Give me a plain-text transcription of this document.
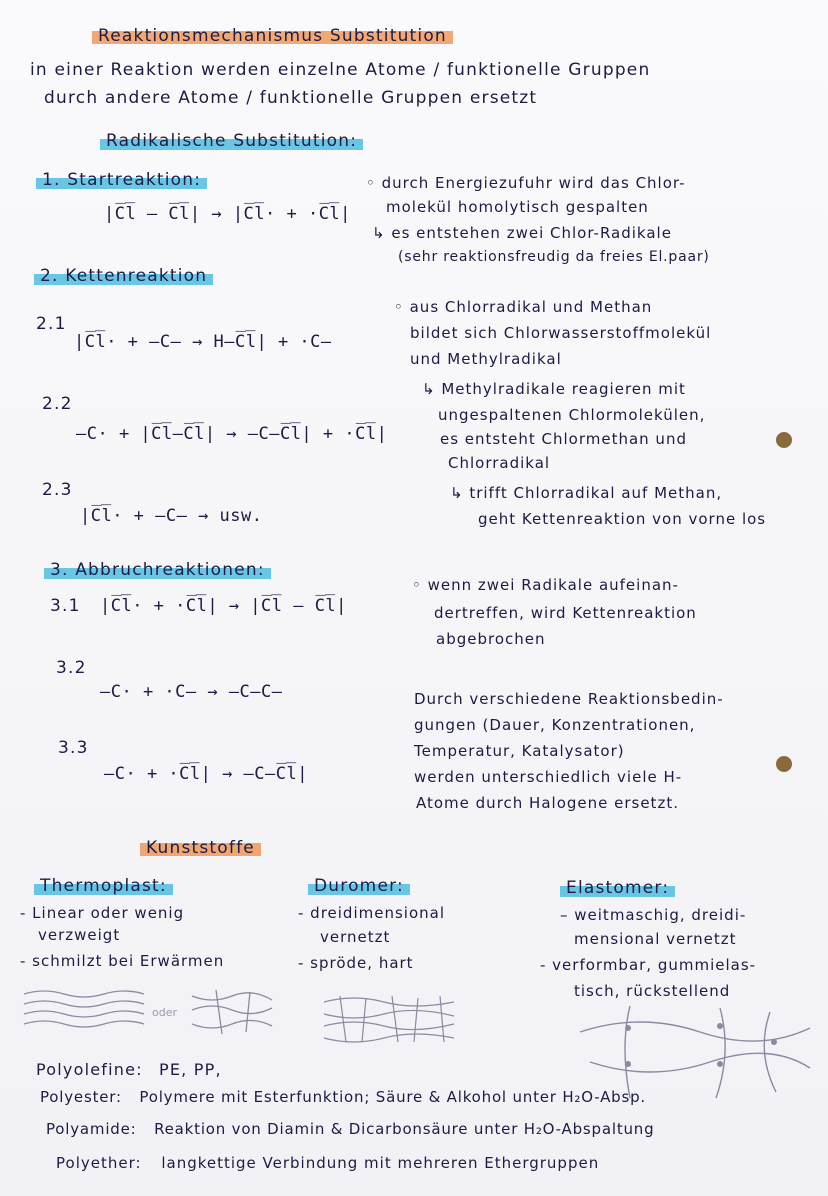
Reaktionsmechanismus Substitution
in einer Reaktion werden einzelne Atome / funktionelle Gruppen
durch andere Atome / funktionelle Gruppen ersetzt
Radikalische Substitution:
1. Startreaktion:
|C̅l̅ – C̅l̅| → |C̅l̅· + ·C̅l̅|
◦ durch Energiezufuhr wird das Chlor-
molekül homolytisch gespalten
↳ es entstehen zwei Chlor-Radikale
(sehr reaktionsfreudig da freies El.paar)
2. Kettenreaktion
2.1
|C̅l̅· + –C– → H–C̅l̅| + ·C–
2.2
–C· + |C̅l̅–C̅l̅| → –C–C̅l̅| + ·C̅l̅|
2.3
|C̅l̅· + –C– → usw.
◦ aus Chlorradikal und Methan
bildet sich Chlorwasserstoffmolekül
und Methylradikal
↳ Methylradikale reagieren mit
ungespaltenen Chlormolekülen,
es entsteht Chlormethan und
Chlorradikal
↳ trifft Chlorradikal auf Methan,
geht Kettenreaktion von vorne los
3. Abbruchreaktionen:
3.1 |C̅l̅· + ·C̅l̅| → |C̅l̅ – C̅l̅|
3.2
–C· + ·C– → –C–C–
3.3
–C· + ·C̅l̅| → –C–C̅l̅|
◦ wenn zwei Radikale aufeinan-
dertreffen, wird Kettenreaktion
abgebrochen
Durch verschiedene Reaktionsbedin-
gungen (Dauer, Konzentrationen,
Temperatur, Katalysator)
werden unterschiedlich viele H-
Atome durch Halogene ersetzt.
Kunststoffe
Thermoplast:
- Linear oder wenig
verzweigt
- schmilzt bei Erwärmen
Duromer:
- dreidimensional
vernetzt
- spröde, hart
Elastomer:
– weitmaschig, dreidi-
mensional vernetzt
- verformbar, gummielas-
tisch, rückstellend
oder
Polyolefine: PE, PP,
Polyester: Polymere mit Esterfunktion; Säure & Alkohol unter H₂O-Absp.
Polyamide: Reaktion von Diamin & Dicarbonsäure unter H₂O-Abspaltung
Polyether: langkettige Verbindung mit mehreren Ethergruppen
